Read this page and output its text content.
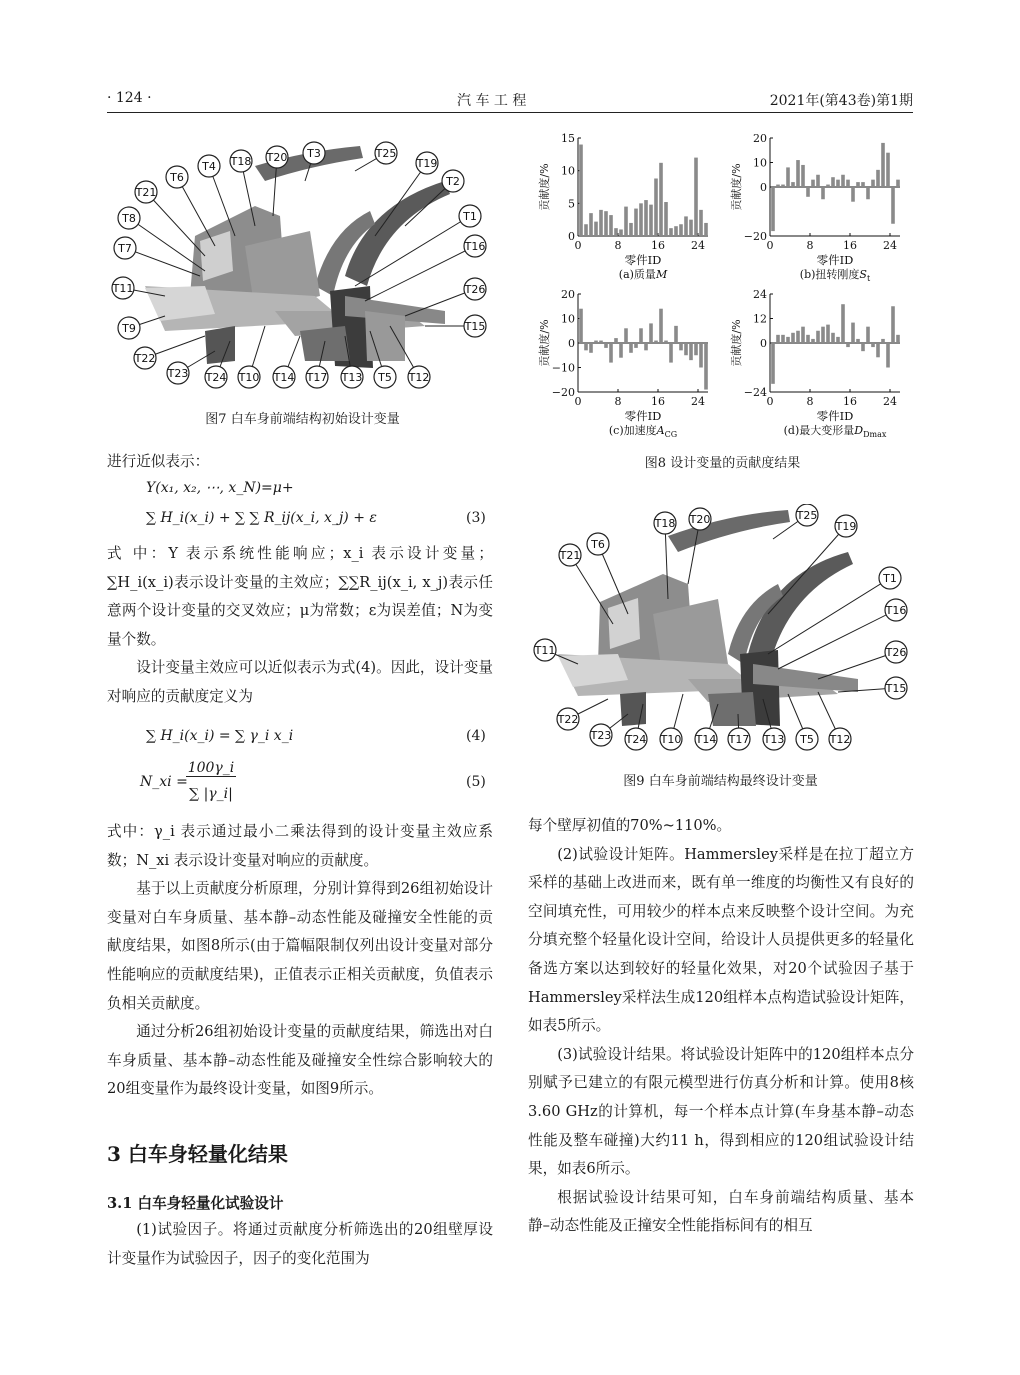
· 124 ·	汽 车 工 程	2021年(第43卷)第1期
T3	T25
T20
T18
T4
T6
T19
T21
T2
T8	T1
T7	T16
T11	T26
T9	T15
T22
T23 T24 T10 T14 T17 T13 T5 T12
图7 白车身前端结构初始设计变量
0
5
10
15
0	8	16 24
贡献度/%
零件ID
(a)质量M
−20
0
10
20
0	8	16 24
贡献度/%
零件ID
(b)扭转刚度$S_t$
−20
−10
0
10
20
0	8	16 24
贡献度/%
零件ID
(c)加速度$A_{CG}$
−24
0
12
24
0	8	16 24
贡献度/%
零件ID
(d)最大变形量$D_{Dmax}$
图8 设计变量的贡献度结果
T25
T20
T18	T19
T6
T21
T1
T16
T11	T26
T15
T22
T23 T24 T10 T14 T17 T13 T5 T12
图9 白车身前端结构最终设计变量

进行近似表示：

Y(x₁, x₂, ⋯, x_N)=μ+
∑ H_i(x_i) + ∑ ∑ R_ij(x_i, x_j) + ε	(3)

式 中：Y 表示系统性能响应；x_i 表示设计变量；∑H_i(x_i)表示设计变量的主效应；∑∑R_ij(x_i, x_j)表示任意两个设计变量的交叉效应；μ为常数；ε为误差值；N为变量个数。

设计变量主效应可以近似表示为式(4)。因此，设计变量对响应的贡献度定义为

∑ H_i(x_i) = ∑ γ_i x_i	(4)
N_xi =
100γ_i
∑ |γ_i|
(5)

式中：γ_i 表示通过最小二乘法得到的设计变量主效应系数；N_xi 表示设计变量对响应的贡献度。

基于以上贡献度分析原理，分别计算得到26组初始设计变量对白车身质量、基本静–动态性能及碰撞安全性能的贡献度结果，如图8所示(由于篇幅限制仅列出设计变量对部分性能响应的贡献度结果)，正值表示正相关贡献度，负值表示负相关贡献度。

通过分析26组初始设计变量的贡献度结果，筛选出对白车身质量、基本静–动态性能及碰撞安全性综合影响较大的20组变量作为最终设计变量，如图9所示。

3 白车身轻量化结果
3.1 白车身轻量化试验设计

(1)试验因子。将通过贡献度分析筛选出的20组壁厚设计变量作为试验因子，因子的变化范围为

每个壁厚初值的70%~110%。

(2)试验设计矩阵。Hammersley采样是在拉丁超立方采样的基础上改进而来，既有单一维度的均衡性又有良好的空间填充性，可用较少的样本点来反映整个设计空间。为充分填充整个轻量化设计空间，给设计人员提供更多的轻量化备选方案以达到较好的轻量化效果，对20个试验因子基于Hammersley采样法生成120组样本点构造试验设计矩阵，如表5所示。

(3)试验设计结果。将试验设计矩阵中的120组样本点分别赋予已建立的有限元模型进行仿真分析和计算。使用8核3.60 GHz的计算机，每一个样本点计算(车身基本静–动态性能及整车碰撞)大约11 h，得到相应的120组试验设计结果，如表6所示。

根据试验设计结果可知，白车身前端结构质量、基本静–动态性能及正撞安全性能指标间有的相互
